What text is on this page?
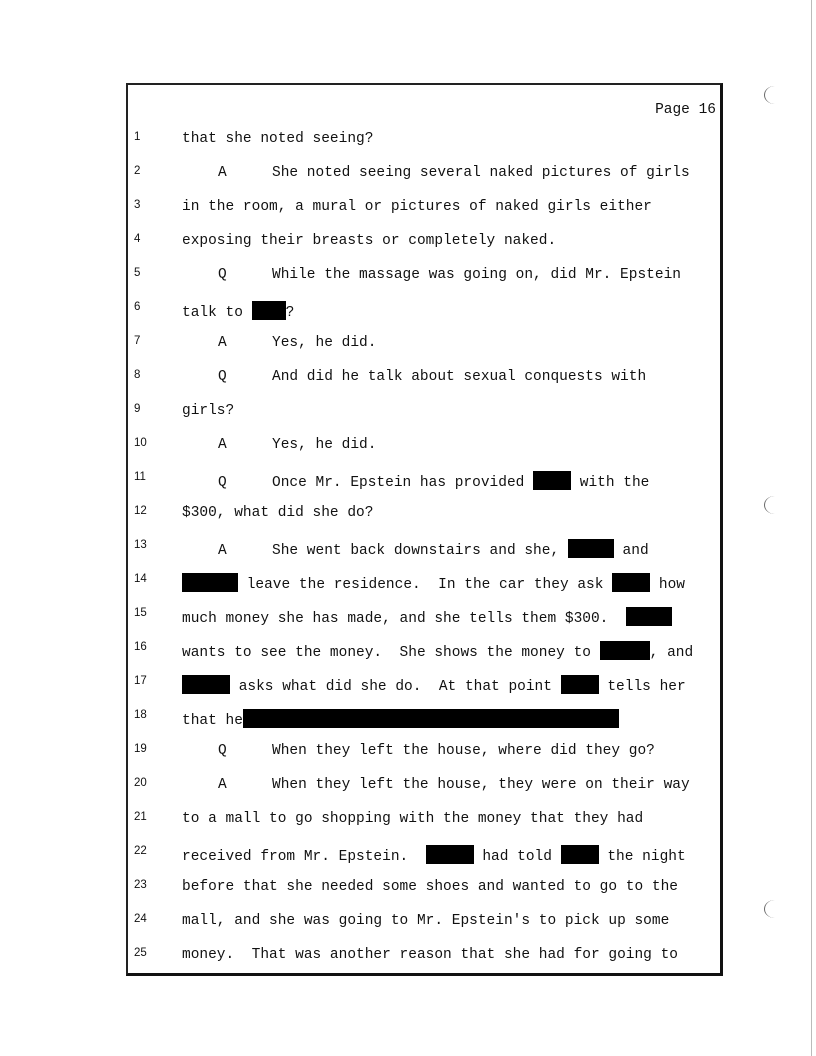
Page 16
1	that she noted seeing?
2	A	She noted seeing several naked pictures of girls
3	in the room, a mural or pictures of naked girls either
4	exposing their breasts or completely naked.
5	Q	While the massage was going on, did Mr. Epstein
6	talk to ?
7	A	Yes, he did.
8	Q	And did he talk about sexual conquests with
9	girls?
10	A	Yes, he did.
11	Q	Once Mr. Epstein has provided	with the
12	$300, what did she do?
13	A	She went back downstairs and she,	and
14	leave the residence.  In the car they ask	how
15	much money she has made, and she tells them $300.
16	wants to see the money.  She shows the money to	, and
17	asks what did she do.  At that point	tells her
18	that he
19	Q	When they left the house, where did they go?
20	A	When they left the house, they were on their way
21	to a mall to go shopping with the money that they had
22	received from Mr. Epstein.	had told	the night
23	before that she needed some shoes and wanted to go to the
24	mall, and she was going to Mr. Epstein's to pick up some
25	money.  That was another reason that she had for going to
